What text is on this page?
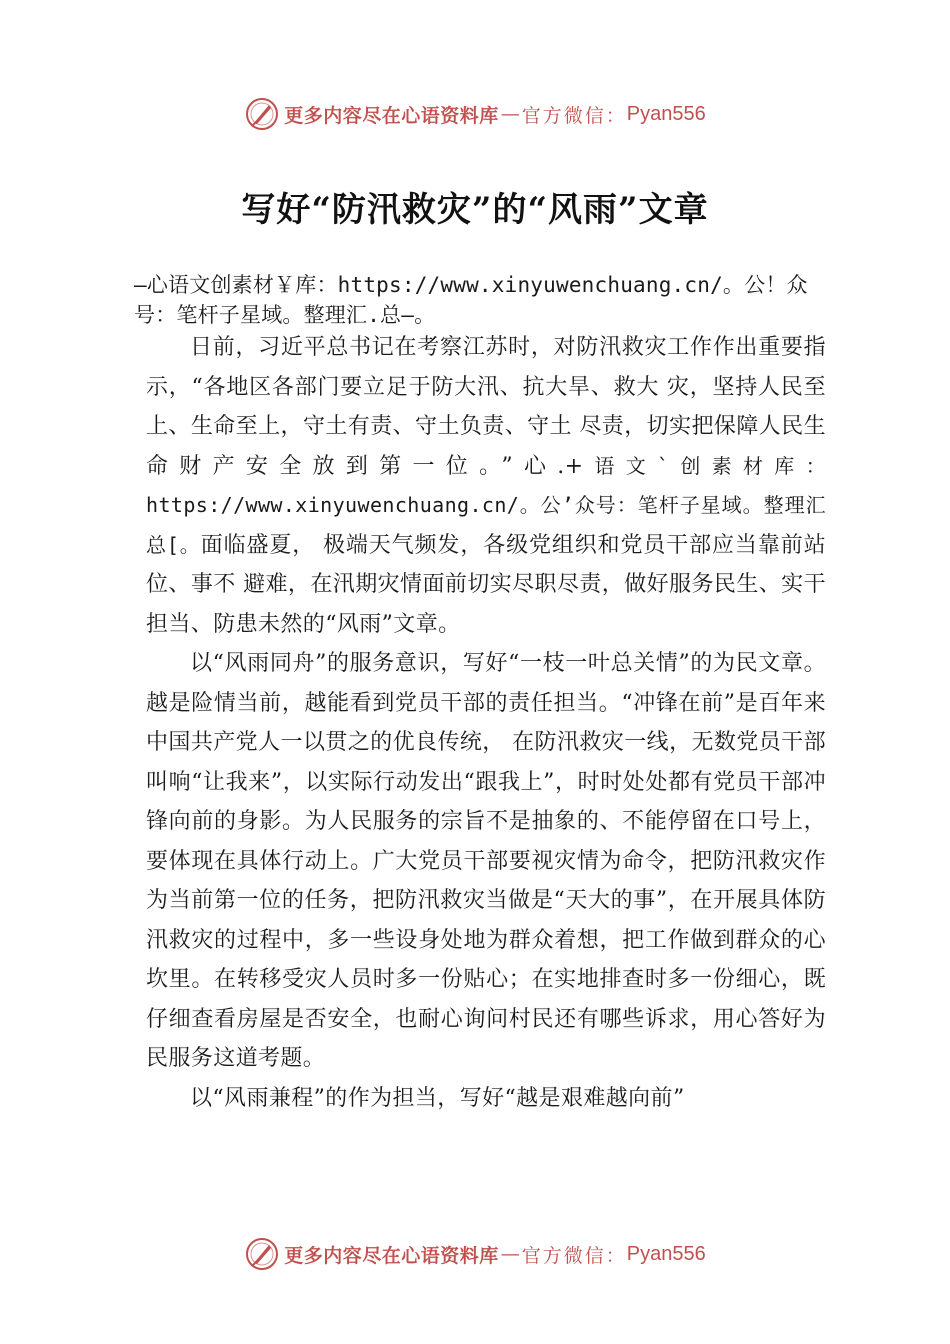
更多内容尽在心语资料库 — 官方微信： Pyan556
写好“防汛救灾”的“风雨”文章
—心语文创素材￥库：https://www.xinyuwenchuang.cn/。公！众号：笔杆子星域。整理汇.总—。

日前，习近平总书记在考察江苏时，对防汛救灾工作作出重要指示，“各地区各部门要立足于防大汛、抗大旱、救大 灾，坚持人民至上、生命至上，守土有责、守土负责、守土 尽责，切实把保障人民生命财产安全放到第一位。”心.+语文`创素材库：https://www.xinyuwenchuang.cn/。公’众号：笔杆子星域。整理汇总[。面临盛夏， 极端天气频发，各级党组织和党员干部应当靠前站位、事不 避难，在汛期灾情面前切实尽职尽责，做好服务民生、实干 担当、防患未然的“风雨”文章。

以“风雨同舟”的服务意识，写好“一枝一叶总关情”的为民文章。越是险情当前，越能看到党员干部的责任担当。“冲锋在前”是百年来中国共产党人一以贯之的优良传统， 在防汛救灾一线，无数党员干部叫响“让我来”，以实际行动发出“跟我上”，时时处处都有党员干部冲锋向前的身影。为人民服务的宗旨不是抽象的、不能停留在口号上，要体现在具体行动上。广大党员干部要视灾情为命令，把防汛救灾作为当前第一位的任务，把防汛救灾当做是“天大的事”，在开展具体防汛救灾的过程中，多一些设身处地为群众着想，把工作做到群众的心坎里。在转移受灾人员时多一份贴心；在实地排查时多一份细心，既仔细查看房屋是否安全，也耐心询问村民还有哪些诉求，用心答好为民服务这道考题。

以“风雨兼程”的作为担当，写好“越是艰难越向前”

更多内容尽在心语资料库 — 官方微信： Pyan556
